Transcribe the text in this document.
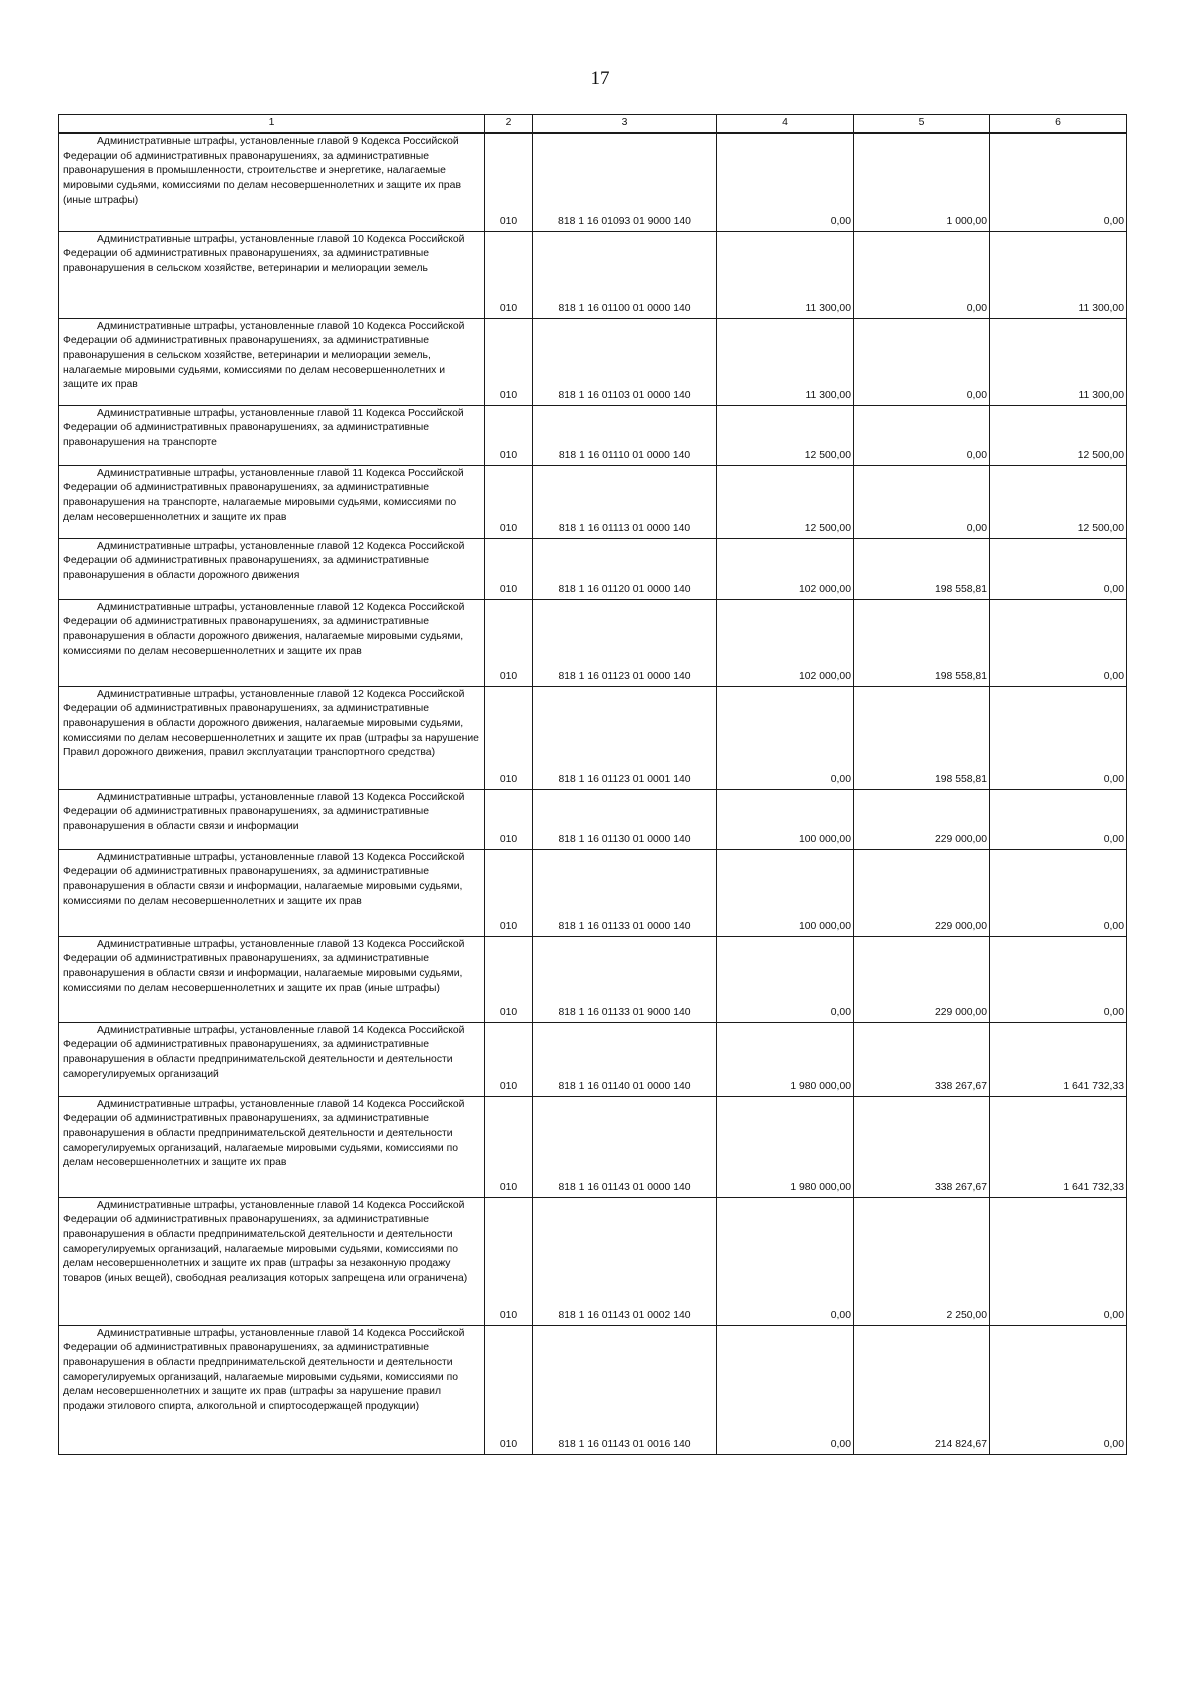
17
1	2	3	4	5	6

Административные штрафы, установленные главой 9 Кодекса Российской Федерации об административных правонарушениях, за административные правонарушения в промышленности, строительстве и энергетике, налагаемые мировыми судьями, комиссиями по делам несовершеннолетних и защите их прав (иные штрафы)	010	818 1 16 01093 01 9000 140	0,00	1 000,00	0,00

Административные штрафы, установленные главой 10 Кодекса Российской Федерации об административных правонарушениях, за административные правонарушения в сельском хозяйстве, ветеринарии и мелиорации земель	010	818 1 16 01100 01 0000 140	11 300,00	0,00	11 300,00

Административные штрафы, установленные главой 10 Кодекса Российской Федерации об административных правонарушениях, за административные правонарушения в сельском хозяйстве, ветеринарии и мелиорации земель, налагаемые мировыми судьями, комиссиями по делам несовершеннолетних и защите их прав	010	818 1 16 01103 01 0000 140	11 300,00	0,00	11 300,00

Административные штрафы, установленные главой 11 Кодекса Российской Федерации об административных правонарушениях, за административные правонарушения на транспорте	010	818 1 16 01110 01 0000 140	12 500,00	0,00	12 500,00

Административные штрафы, установленные главой 11 Кодекса Российской Федерации об административных правонарушениях, за административные правонарушения на транспорте, налагаемые мировыми судьями, комиссиями по делам несовершеннолетних и защите их прав	010	818 1 16 01113 01 0000 140	12 500,00	0,00	12 500,00

Административные штрафы, установленные главой 12 Кодекса Российской Федерации об административных правонарушениях, за административные правонарушения в области дорожного движения	010	818 1 16 01120 01 0000 140	102 000,00	198 558,81	0,00

Административные штрафы, установленные главой 12 Кодекса Российской Федерации об административных правонарушениях, за административные правонарушения в области дорожного движения, налагаемые мировыми судьями, комиссиями по делам несовершеннолетних и защите их прав	010	818 1 16 01123 01 0000 140	102 000,00	198 558,81	0,00

Административные штрафы, установленные главой 12 Кодекса Российской Федерации об административных правонарушениях, за административные правонарушения в области дорожного движения, налагаемые мировыми судьями, комиссиями по делам несовершеннолетних и защите их прав (штрафы за нарушение Правил дорожного движения, правил эксплуатации транспортного средства)	010	818 1 16 01123 01 0001 140	0,00	198 558,81	0,00

Административные штрафы, установленные главой 13 Кодекса Российской Федерации об административных правонарушениях, за административные правонарушения в области связи и информации	010	818 1 16 01130 01 0000 140	100 000,00	229 000,00	0,00

Административные штрафы, установленные главой 13 Кодекса Российской Федерации об административных правонарушениях, за административные правонарушения в области связи и информации, налагаемые мировыми судьями, комиссиями по делам несовершеннолетних и защите их прав	010	818 1 16 01133 01 0000 140	100 000,00	229 000,00	0,00

Административные штрафы, установленные главой 13 Кодекса Российской Федерации об административных правонарушениях, за административные правонарушения в области связи и информации, налагаемые мировыми судьями, комиссиями по делам несовершеннолетних и защите их прав (иные штрафы)	010	818 1 16 01133 01 9000 140	0,00	229 000,00	0,00

Административные штрафы, установленные главой 14 Кодекса Российской Федерации об административных правонарушениях, за административные правонарушения в области предпринимательской деятельности и деятельности саморегулируемых организаций	010	818 1 16 01140 01 0000 140	1 980 000,00	338 267,67	1 641 732,33

Административные штрафы, установленные главой 14 Кодекса Российской Федерации об административных правонарушениях, за административные правонарушения в области предпринимательской деятельности и деятельности саморегулируемых организаций, налагаемые мировыми судьями, комиссиями по делам несовершеннолетних и защите их прав	010	818 1 16 01143 01 0000 140	1 980 000,00	338 267,67	1 641 732,33

Административные штрафы, установленные главой 14 Кодекса Российской Федерации об административных правонарушениях, за административные правонарушения в области предпринимательской деятельности и деятельности саморегулируемых организаций, налагаемые мировыми судьями, комиссиями по делам несовершеннолетних и защите их прав (штрафы за незаконную продажу товаров (иных вещей), свободная реализация которых запрещена или ограничена)	010	818 1 16 01143 01 0002 140	0,00	2 250,00	0,00

Административные штрафы, установленные главой 14 Кодекса Российской Федерации об административных правонарушениях, за административные правонарушения в области предпринимательской деятельности и деятельности саморегулируемых организаций, налагаемые мировыми судьями, комиссиями по делам несовершеннолетних и защите их прав (штрафы за нарушение правил продажи этилового спирта, алкогольной и спиртосодержащей продукции)	010	818 1 16 01143 01 0016 140	0,00	214 824,67	0,00
